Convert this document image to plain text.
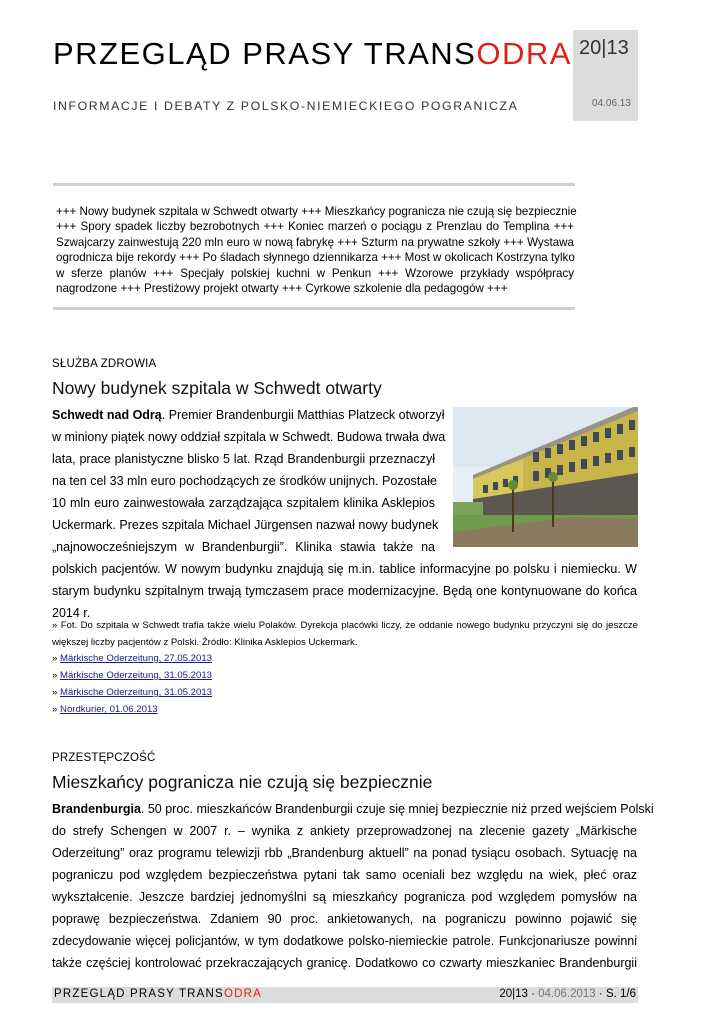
PRZEGLĄD PRASY TRANSODRA
INFORMACJE I DEBATY Z POLSKO-NIEMIECKIEGO POGRANICZA
20|13
04.06.13
+++ Nowy budynek szpitala w Schwedt otwarty +++ Mieszkańcy pogranicza nie czują się bezpiecznie
+++ Spory spadek liczby bezrobotnych +++ Koniec marzeń o pociągu z Prenzlau do Templina +++
Szwajcarzy zainwestują 220 mln euro w nową fabrykę +++ Szturm na prywatne szkoły +++ Wystawa
ogrodnicza bije rekordy +++ Po śladach słynnego dziennikarza +++ Most w okolicach Kostrzyna tylko
w sferze planów +++ Specjały polskiej kuchni w Penkun +++ Wzorowe przykłady współpracy
nagrodzone +++ Prestiżowy projekt otwarty +++ Cyrkowe szkolenie dla pedagogów +++
SŁUŻBA ZDROWIA
Nowy budynek szpitala w Schwedt otwarty
Schwedt nad Odrą. Premier Brandenburgii Matthias Platzeck otworzył
w miniony piątek nowy oddział szpitala w Schwedt. Budowa trwała dwa
lata, prace planistyczne blisko 5 lat. Rząd Brandenburgii przeznaczył
na ten cel 33 mln euro pochodzących ze środków unijnych. Pozostałe
10 mln euro zainwestowała zarządzająca szpitalem klinika Asklepios
Uckermark. Prezes szpitala Michael Jürgensen nazwał nowy budynek
„najnowocześniejszym w Brandenburgii”. Klinika stawia także na
polskich pacjentów. W nowym budynku znajdują się m.in. tablice informacyjne po polsku i niemiecku. W
starym budynku szpitalnym trwają tymczasem prace modernizacyjne. Będą one kontynuowane do końca
2014 r.
» Fot. Do szpitala w Schwedt trafia także wielu Polaków. Dyrekcja placówki liczy, że oddanie nowego budynku przyczyni się do jeszcze
większej liczby pacjentów z Polski. Źródło: Klinika Asklepios Uckermark.
» Märkische Oderzeitung, 27.05.2013
» Märkische Oderzeitung, 31.05.2013
» Märkische Oderzeitung, 31.05.2013
» Nordkurier, 01.06.2013
PRZESTĘPCZOŚĆ
Mieszkańcy pogranicza nie czują się bezpiecznie
Brandenburgia. 50 proc. mieszkańców Brandenburgii czuje się mniej bezpiecznie niż przed wejściem Polski
do strefy Schengen w 2007 r. – wynika z ankiety przeprowadzonej na zlecenie gazety „Märkische
Oderzeitung” oraz programu telewizji rbb „Brandenburg aktuell” na ponad tysiącu osobach. Sytuację na
pograniczu pod względem bezpieczeństwa pytani tak samo oceniali bez względu na wiek, płeć oraz
wykształcenie. Jeszcze bardziej jednomyślni są mieszkańcy pogranicza pod względem pomysłów na
poprawę bezpieczeństwa. Zdaniem 90 proc. ankietowanych, na pograniczu powinno pojawić się
zdecydowanie więcej policjantów, w tym dodatkowe polsko-niemieckie patrole. Funkcjonariusze powinni
także częściej kontrolować przekraczających granicę. Dodatkowo co czwarty mieszkaniec Brandenburgii
PRZEGLĄD PRASY TRANSODRA	20|13 · 04.06.2013 · S. 1/6
